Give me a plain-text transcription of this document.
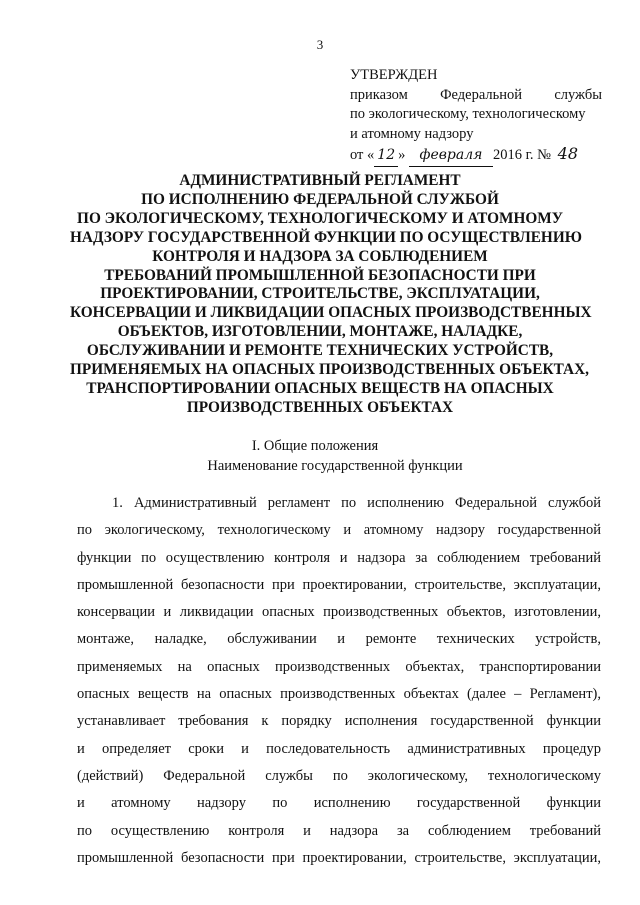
3
УТВЕРЖДЕН
приказом Федеральной службы
по экологическому, технологическому
и атомному надзору
от « 12 » февраля 2016 г. № 48
АДМИНИСТРАТИВНЫЙ РЕГЛАМЕНТ
ПО ИСПОЛНЕНИЮ ФЕДЕРАЛЬНОЙ СЛУЖБОЙ
ПО ЭКОЛОГИЧЕСКОМУ, ТЕХНОЛОГИЧЕСКОМУ И АТОМНОМУ
НАДЗОРУ ГОСУДАРСТВЕННОЙ ФУНКЦИИ ПО ОСУЩЕСТВЛЕНИЮ
КОНТРОЛЯ И НАДЗОРА ЗА СОБЛЮДЕНИЕМ
ТРЕБОВАНИЙ ПРОМЫШЛЕННОЙ БЕЗОПАСНОСТИ ПРИ
ПРОЕКТИРОВАНИИ, СТРОИТЕЛЬСТВЕ, ЭКСПЛУАТАЦИИ,
КОНСЕРВАЦИИ И ЛИКВИДАЦИИ ОПАСНЫХ ПРОИЗВОДСТВЕННЫХ
ОБЪЕКТОВ, ИЗГОТОВЛЕНИИ, МОНТАЖЕ, НАЛАДКЕ,
ОБСЛУЖИВАНИИ И РЕМОНТЕ ТЕХНИЧЕСКИХ УСТРОЙСТВ,
ПРИМЕНЯЕМЫХ НА ОПАСНЫХ ПРОИЗВОДСТВЕННЫХ ОБЪЕКТАХ,
ТРАНСПОРТИРОВАНИИ ОПАСНЫХ ВЕЩЕСТВ НА ОПАСНЫХ
ПРОИЗВОДСТВЕННЫХ ОБЪЕКТАХ
I. Общие положения
Наименование государственной функции
1. Административный регламент по исполнению Федеральной службой
по экологическому, технологическому и атомному надзору государственной
функции по осуществлению контроля и надзора за соблюдением требований
промышленной безопасности при проектировании, строительстве, эксплуатации,
консервации и ликвидации опасных производственных объектов, изготовлении,
монтаже, наладке, обслуживании и ремонте технических устройств,
применяемых на опасных производственных объектах, транспортировании
опасных веществ на опасных производственных объектах (далее – Регламент),
устанавливает требования к порядку исполнения государственной функции
и определяет сроки и последовательность административных процедур
(действий) Федеральной службы по экологическому, технологическому
и атомному надзору по исполнению государственной функции
по осуществлению контроля и надзора за соблюдением требований
промышленной безопасности при проектировании, строительстве, эксплуатации,
